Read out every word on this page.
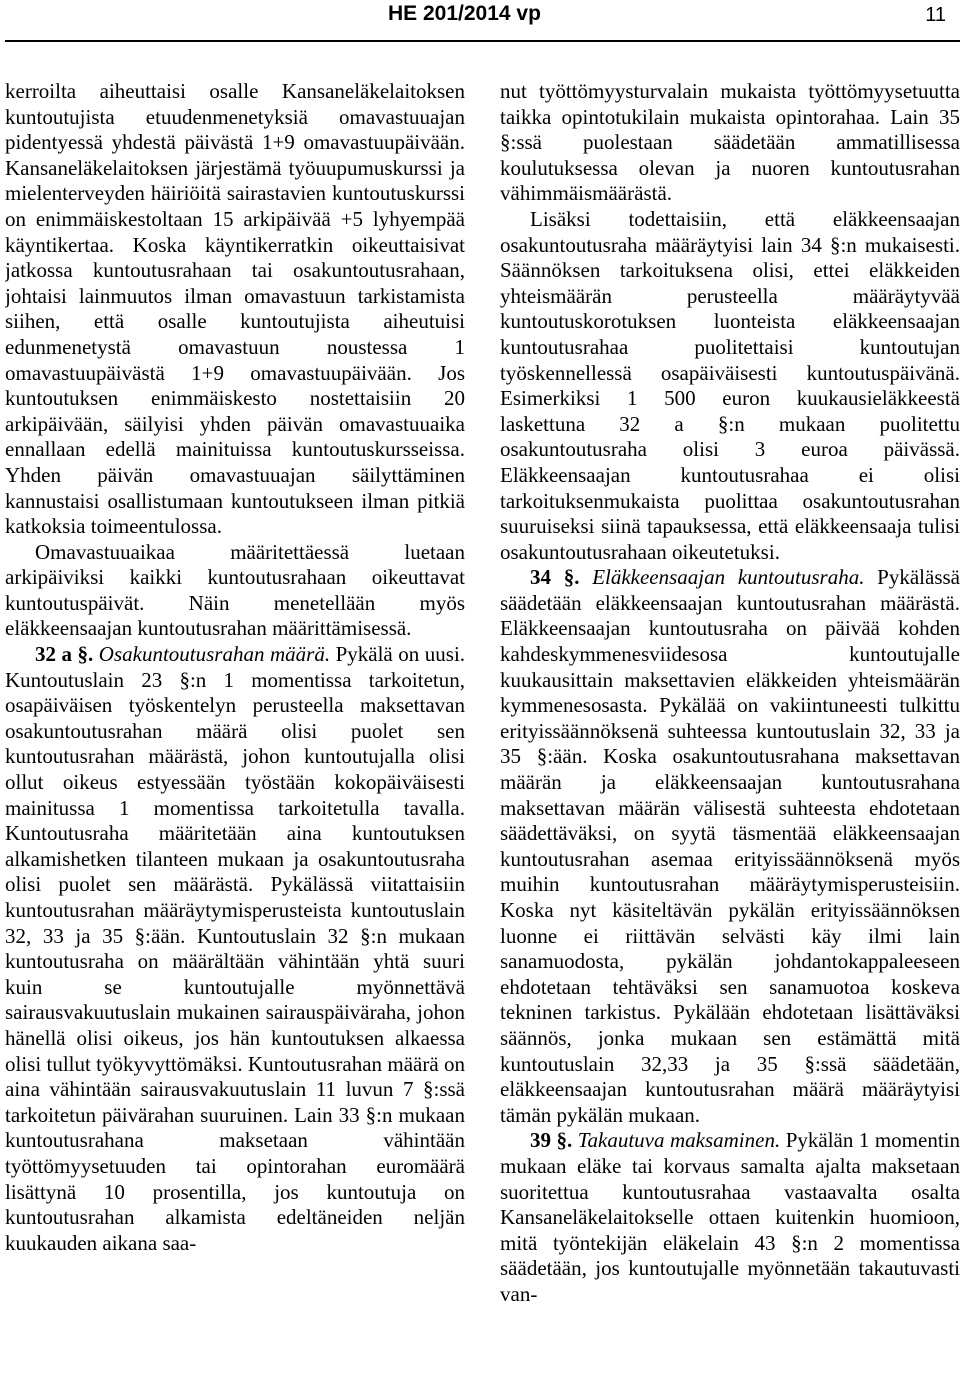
HE 201/2014 vp	11

kerroilta aiheuttaisi osalle Kansaneläkelaitoksen kuntoutujista etuudenmenetyksiä omavastuuajan pidentyessä yhdestä päivästä 1+9 omavastuupäivään. Kansaneläkelaitoksen järjestämä työuupumuskurssi ja mielenterveyden häiriöitä sairastavien kuntoutuskurssi on enimmäiskestoltaan 15 arkipäivää +5 lyhyempää käyntikertaa. Koska käyntikerratkin oikeuttaisivat jatkossa kuntoutusrahaan tai osakuntoutusrahaan, johtaisi lainmuutos ilman omavastuun tarkistamista siihen, että osalle kuntoutujista aiheutuisi edunmenetystä omavastuun noustessa 1 omavastuupäivästä 1+9 omavastuupäivään. Jos kuntoutuksen enimmäiskesto nostettaisiin 20 arkipäivään, säilyisi yhden päivän omavastuuaika ennallaan edellä mainituissa kuntoutuskursseissa. Yhden päivän omavastuuajan säilyttäminen kannustaisi osallistumaan kuntoutukseen ilman pitkiä katkoksia toimeentulossa.

Omavastuuaikaa määritettäessä luetaan arkipäiviksi kaikki kuntoutusrahaan oikeuttavat kuntoutuspäivät. Näin menetellään myös eläkkeensaajan kuntoutusrahan määrittämisessä.

32 a §. Osakuntoutusrahan määrä. Pykälä on uusi. Kuntoutuslain 23 §:n 1 momentissa tarkoitetun, osapäiväisen työskentelyn perusteella maksettavan osakuntoutusrahan määrä olisi puolet sen kuntoutusrahan määrästä, johon kuntoutujalla olisi ollut oikeus estyessään työstään kokopäiväisesti mainitussa 1 momentissa tarkoitetulla tavalla. Kuntoutusraha määritetään aina kuntoutuksen alkamishetken tilanteen mukaan ja osakuntoutusraha olisi puolet sen määrästä. Pykälässä viitattaisiin kuntoutusrahan määräytymisperusteista kuntoutuslain 32, 33 ja 35 §:ään. Kuntoutuslain 32 §:n mukaan kuntoutusraha on määrältään vähintään yhtä suuri kuin se kuntoutujalle myönnettävä sairausvakuutuslain mukainen sairauspäiväraha, johon hänellä olisi oikeus, jos hän kuntoutuksen alkaessa olisi tullut työkyvyttömäksi. Kuntoutusrahan määrä on aina vähintään sairausvakuutuslain 11 luvun 7 §:ssä tarkoitetun päivärahan suuruinen. Lain 33 §:n mukaan kuntoutusrahana maksetaan vähintään työttömyysetuuden tai opintorahan euromäärä lisättynä 10 prosentilla, jos kuntoutuja on kuntoutusrahan alkamista edeltäneiden neljän kuukauden aikana saa-

nut työttömyysturvalain mukaista työttömyysetuutta taikka opintotukilain mukaista opintorahaa. Lain 35 §:ssä puolestaan säädetään ammatillisessa koulutuksessa olevan ja nuoren kuntoutusrahan vähimmäismäärästä.

Lisäksi todettaisiin, että eläkkeensaajan osakuntoutusraha määräytyisi lain 34 §:n mukaisesti. Säännöksen tarkoituksena olisi, ettei eläkkeiden yhteismäärän perusteella määräytyvää kuntoutuskorotuksen luonteista eläkkeensaajan kuntoutusrahaa puolitettaisi kuntoutujan työskennellessä osapäiväisesti kuntoutuspäivänä. Esimerkiksi 1 500 euron kuukausieläkkeestä laskettuna 32 a §:n mukaan puolitettu osakuntoutusraha olisi 3 euroa päivässä. Eläkkeensaajan kuntoutusrahaa ei olisi tarkoituksenmukaista puolittaa osakuntoutusrahan suuruiseksi siinä tapauksessa, että eläkkeensaaja tulisi osakuntoutusrahaan oikeutetuksi.

34 §. Eläkkeensaajan kuntoutusraha. Pykälässä säädetään eläkkeensaajan kuntoutusrahan määrästä. Eläkkeensaajan kuntoutusraha on päivää kohden kahdeskymmenesviidesosa kuntoutujalle kuukausittain maksettavien eläkkeiden yhteismäärän kymmenesosasta. Pykälää on vakiintuneesti tulkittu erityissäännöksenä suhteessa kuntoutuslain 32, 33 ja 35 §:ään. Koska osakuntoutusrahana maksettavan määrän ja eläkkeensaajan kuntoutusrahana maksettavan määrän välisestä suhteesta ehdotetaan säädettäväksi, on syytä täsmentää eläkkeensaajan kuntoutusrahan asemaa erityissäännöksenä myös muihin kuntoutusrahan määräytymisperusteisiin. Koska nyt käsiteltävän pykälän erityissäännöksen luonne ei riittävän selvästi käy ilmi lain sanamuodosta, pykälän johdantokappaleeseen ehdotetaan tehtäväksi sen sanamuotoa koskeva tekninen tarkistus. Pykälään ehdotetaan lisättäväksi säännös, jonka mukaan sen estämättä mitä kuntoutuslain 32,33 ja 35 §:ssä säädetään, eläkkeensaajan kuntoutusrahan määrä määräytyisi tämän pykälän mukaan.

39 §. Takautuva maksaminen. Pykälän 1 momentin mukaan eläke tai korvaus samalta ajalta maksetaan suoritettua kuntoutusrahaa vastaavalta osalta Kansaneläkelaitokselle ottaen kuitenkin huomioon, mitä työntekijän eläkelain 43 §:n 2 momentissa säädetään, jos kuntoutujalle myönnetään takautuvasti van-
